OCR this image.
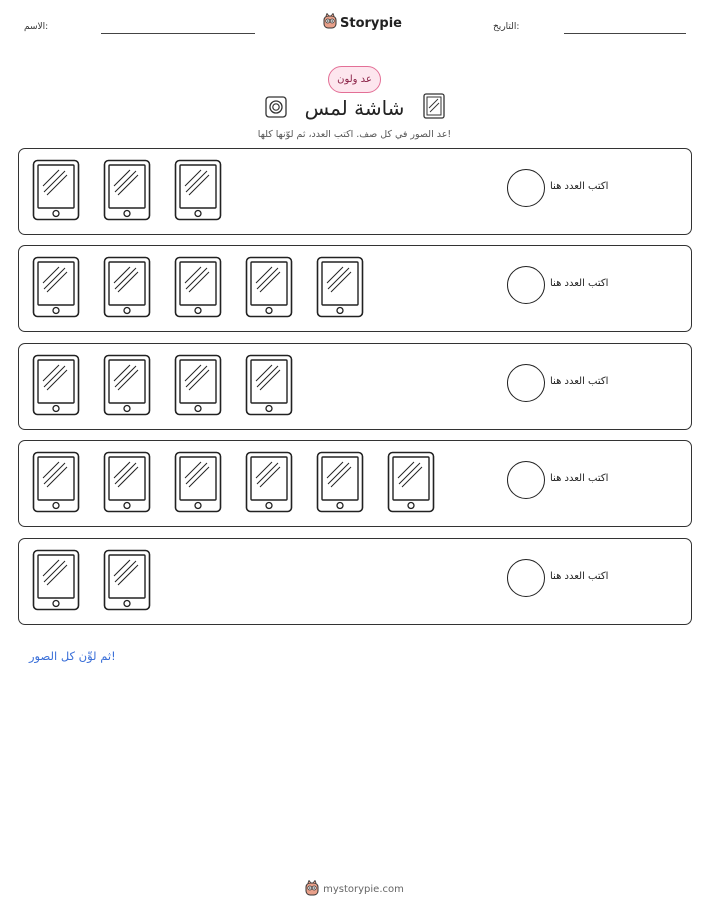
الاسم:	Storypie	التاريخ:
عد ولون
شاشة لمس
عد الصور في كل صف. اكتب العدد، ثم لوّنها كلها!
اكتب العدد هنا
اكتب العدد هنا
اكتب العدد هنا
اكتب العدد هنا
اكتب العدد هنا
ثم لوِّن كل الصور!
mystorypie.com
